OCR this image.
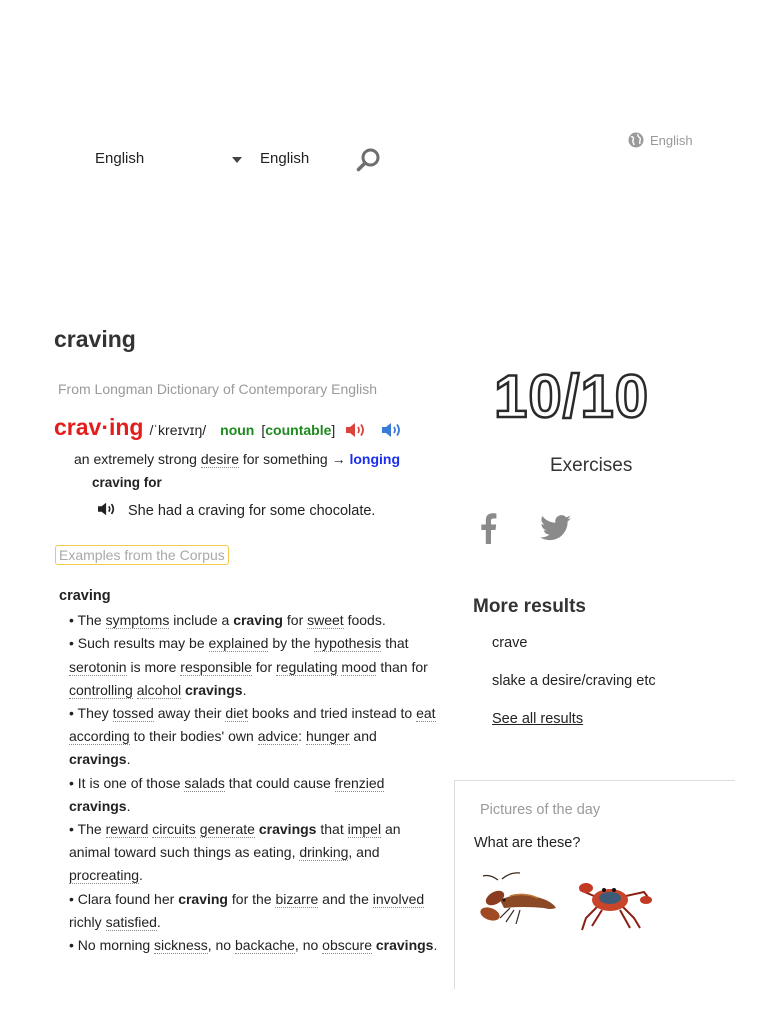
English	English
English
craving
From Longman Dictionary of Contemporary English
crav·ing /ˈkreɪvɪŋ/ noun [countable]
an extremely strong desire for something → longing
craving for
She had a craving for some chocolate.
Examples from the Corpus
craving
• The symptoms include a craving for sweet foods.
• Such results may be explained by the hypothesis that serotonin is more responsible for regulating mood than for controlling alcohol cravings.
• They tossed away their diet books and tried instead to eat according to their bodies' own advice: hunger and cravings.
• It is one of those salads that could cause frenzied cravings.
• The reward circuits generate cravings that impel an animal toward such things as eating, drinking, and procreating.
• Clara found her craving for the bizarre and the involved richly satisfied.
• No morning sickness, no backache, no obscure cravings.
10/10
Exercises
More results
crave
slake a desire/craving etc
See all results
Pictures of the day
What are these?
